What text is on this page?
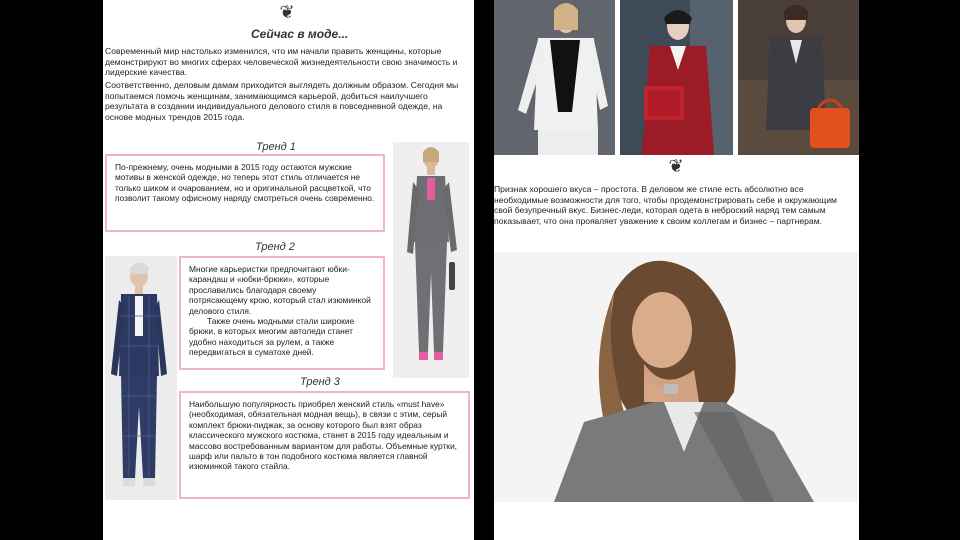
❦
Сейчас в моде...

Современный мир настолько изменился, что им начали править женщины, которые демонстрируют во многих сферах человеческой жизнедеятельности свою значимость и лидерские качества.

Соответственно, деловым дамам приходится выглядеть должным образом. Сегодня мы попытаемся помочь женщинам, занимающимся карьерой, добиться наилучшего результата в создании индивидуального делового стиля в повседневной одежде, на основе модных трендов 2015 года.

Тренд 1

По-прежнему, очень модными в 2015 году остаются мужские мотивы в женской одежде, но теперь этот стиль отличается не только шиком и очарованием, но и оригинальной расцветкой, что позволит такому офисному наряду смотреться очень современно.

Тренд 2

Многие карьеристки предпочитают юбки-карандаш и «юбки-брюки», которые прославились благодаря своему потрясающему крою, который стал изюминкой делового стиля.

Также очень модными стали широкие брюки, в которых многим автоледи станет удобно находиться за рулем, а также передвигаться в суматохе дней.

Тренд 3

Наибольшую популярность приобрел женский стиль «must have» (необходимая, обязательная модная вещь), в связи с этим, серый комплект брюки-пиджак, за основу которого был взят образ классического мужского костюма, станет в 2015 году идеальным и массово востребованным вариантом для работы. Объемные куртки, шарф или пальто в тон подобного костюма является главной изюминкой такого стайла.

8
❦

Признак хорошего вкуса – простота. В деловом же стиле есть абсолютно все необходимые возможности для того, чтобы продемонстрировать себе и окружающим свой безупречный вкус. Бизнес-леди, которая одета в неброский наряд тем самым показывает, что она проявляет уважение к своим коллегам и бизнес – партнерам.

5
